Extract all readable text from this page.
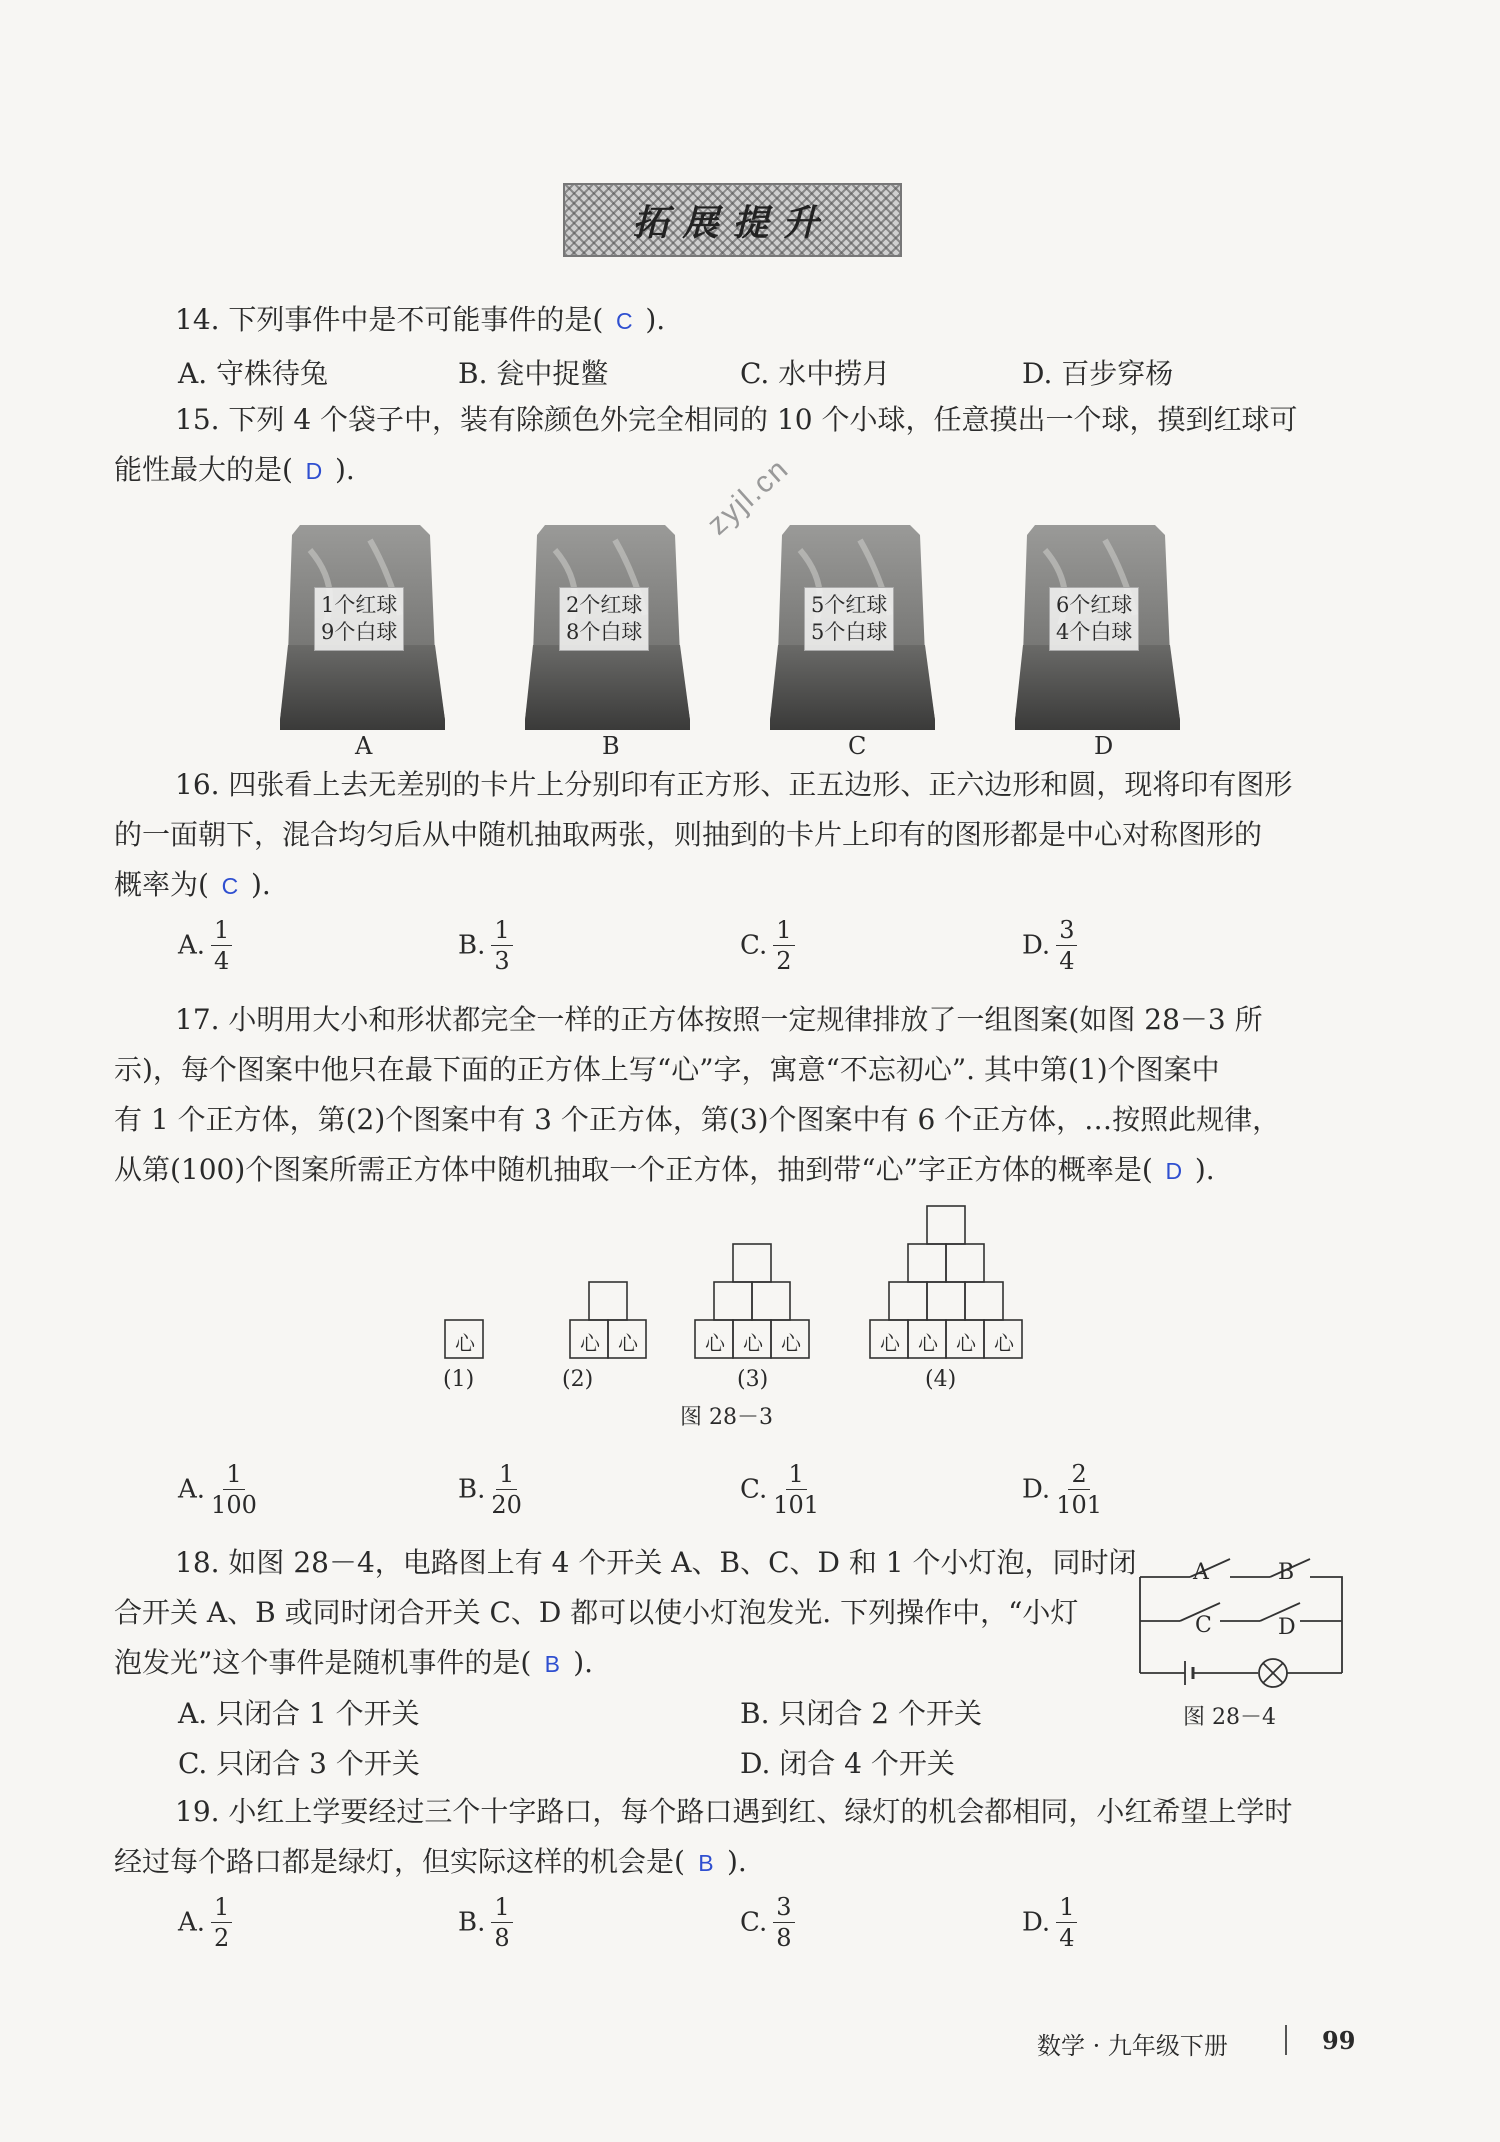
拓展提升
14. 下列事件中是不可能事件的是( C ).
A. 守株待兔	B. 瓮中捉鳖	C. 水中捞月	D. 百步穿杨
15. 下列 4 个袋子中，装有除颜色外完全相同的 10 个小球，任意摸出一个球，摸到红球可
能性最大的是( D ).
1个红球
9个白球
2个红球
8个白球
5个红球
5个白球
6个红球
4个白球
A	B	C	D
zyjl.cn
16. 四张看上去无差别的卡片上分别印有正方形、正五边形、正六边形和圆，现将印有图形
的一面朝下，混合均匀后从中随机抽取两张，则抽到的卡片上印有的图形都是中心对称图形的
概率为( C ).
A. $\frac{1}{4}$	B. $\frac{1}{3}$	C. $\frac{1}{2}$	D. $\frac{3}{4}$
17. 小明用大小和形状都完全一样的正方体按照一定规律排放了一组图案(如图 28－3 所
示)，每个图案中他只在最下面的正方体上写“心”字，寓意“不忘初心”. 其中第(1)个图案中
有 1 个正方体，第(2)个图案中有 3 个正方体，第(3)个图案中有 6 个正方体，…按照此规律，
从第(100)个图案所需正方体中随机抽取一个正方体，抽到带“心”字正方体的概率是( D ).
心	心 心	心 心 心	心 心 心 心
(1)	(2)	(3)	(4)
图 28－3
A. $\frac{1}{100}$	B. $\frac{1}{20}$	C. $\frac{1}{101}$	D. $\frac{2}{101}$
18. 如图 28－4，电路图上有 4 个开关 A、B、C、D 和 1 个小灯泡，同时闭
合开关 A、B 或同时闭合开关 C、D 都可以使小灯泡发光. 下列操作中，“小灯
泡发光”这个事件是随机事件的是( B ).
A. 只闭合 1 个开关	B. 只闭合 2 个开关
C. 只闭合 3 个开关	D. 闭合 4 个开关
A	B
C	D
图 28－4
19. 小红上学要经过三个十字路口，每个路口遇到红、绿灯的机会都相同，小红希望上学时
经过每个路口都是绿灯，但实际这样的机会是( B ).
A. $\frac{1}{2}$	B. $\frac{1}{8}$	C. $\frac{3}{8}$	D. $\frac{1}{4}$
数学 · 九年级下册	99
